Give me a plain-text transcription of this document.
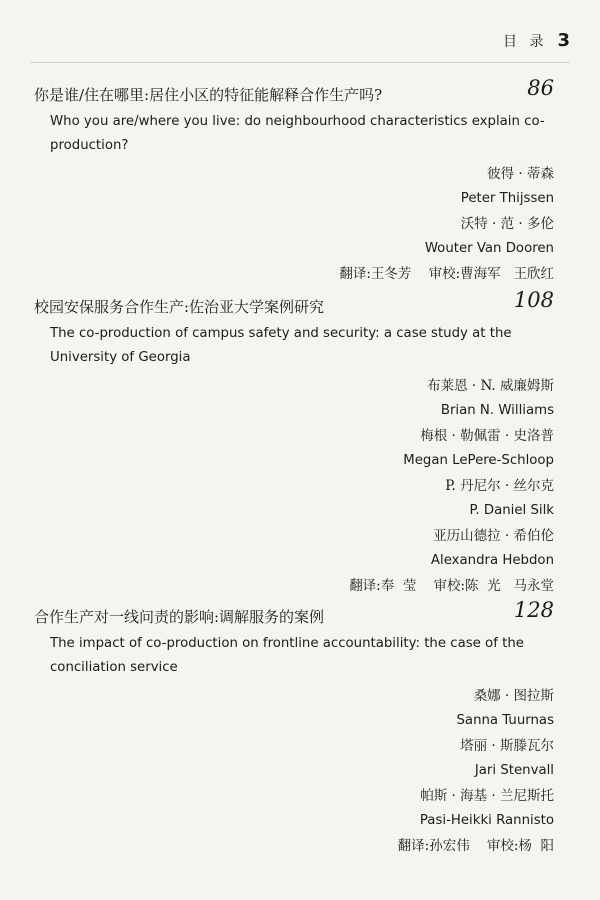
目 录 3
你是谁/住在哪里:居住小区的特征能解释合作生产吗?	86
Who you are/where you live: do neighbourhood characteristics explain co-production?
彼得 · 蒂森
Peter Thijssen
沃特 · 范 · 多伦
Wouter Van Dooren
翻译:王冬芳    审校:曹海军   王欣红
校园安保服务合作生产:佐治亚大学案例研究	108
The co-production of campus safety and security: a case study at the University of Georgia
布莱恩 · N. 威廉姆斯
Brian N. Williams
梅根 · 勒佩雷 · 史洛普
Megan LePere-Schloop
P. 丹尼尔 · 丝尔克
P. Daniel Silk
亚历山德拉 · 希伯伦
Alexandra Hebdon
翻译:奉  莹    审校:陈  光   马永堂
合作生产对一线问责的影响:调解服务的案例	128
The impact of co-production on frontline accountability: the case of the conciliation service
桑娜 · 图拉斯
Sanna Tuurnas
塔丽 · 斯滕瓦尔
Jari Stenvall
帕斯 · 海基 · 兰尼斯托
Pasi-Heikki Rannisto
翻译:孙宏伟    审校:杨  阳
